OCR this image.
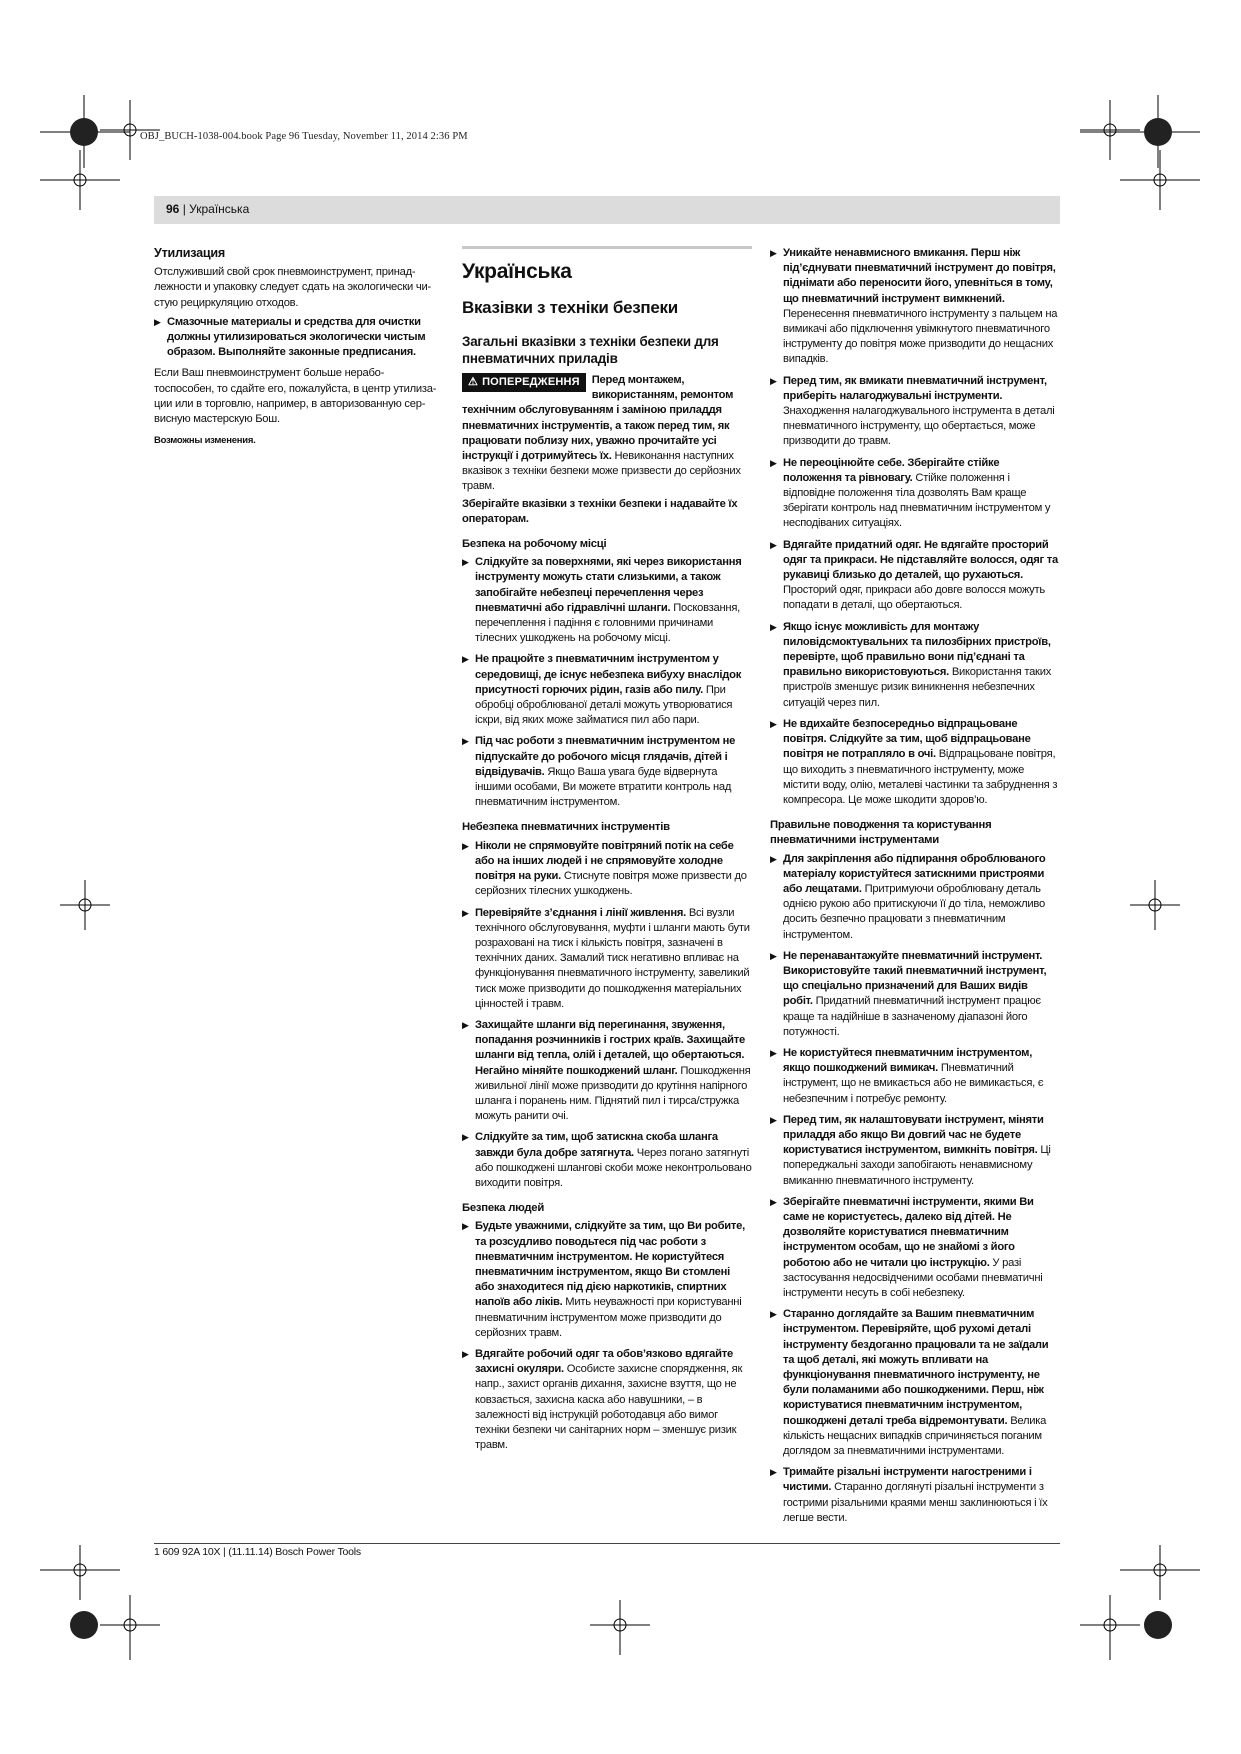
OBJ_BUCH-1038-004.book Page 96 Tuesday, November 11, 2014 2:36 PM
96 | Українська
Утилизация

Отслуживший свой срок пневмоинструмент, принад-лежности и упаковку следует сдать на экологически чи-стую рециркуляцию отходов.

▶ Смазочные материалы и средства для очистки должны утилизироваться экологически чистым образом. Выполняйте законные предписания.

Если Ваш пневмоинструмент больше нерабо-тоспособен, то сдайте его, пожалуйста, в центр утилиза-ции или в торговлю, например, в авторизованную сер-висную мастерскую Бош.

Возможны изменения.
Українська
Вказівки з техніки безпеки
Загальні вказівки з техніки безпеки для пневматичних приладів

⚠ ПОПЕРЕДЖЕННЯ	Перед монтажем, використанням, ремонтом технічним обслуговуванням і заміною приладдя пневматичних інструментів, а також перед тим, як працювати поблизу них, уважно прочитайте усі інструкції і дотримуйтесь їх. Невиконання наступних вказівок з техніки безпеки може призвести до серйозних травм.

Зберігайте вказівки з техніки безпеки і надавайте їх операторам.

Безпека на робочому місці
▶ Слідкуйте за поверхнями, які через використання інструменту можуть стати слизькими, а також запобігайте небезпеці перечеплення через пневматичні або гідравлічні шланги. Посковзання, перечеплення і падіння є головними причинами тілесних ушкоджень на робочому місці.
▶ Не працюйте з пневматичним інструментом у середовищі, де існує небезпека вибуху внаслідок присутності горючих рідин, газів або пилу. При обробці оброблюваної деталі можуть утворюватися іскри, від яких може займатися пил або пари.
▶ Під час роботи з пневматичним інструментом не підпускайте до робочого місця глядачів, дітей і відвідувачів. Якщо Ваша увага буде відвернута іншими особами, Ви можете втратити контроль над пневматичним інструментом.
Небезпека пневматичних інструментів
▶ Ніколи не спрямовуйте повітряний потік на себе або на інших людей і не спрямовуйте холодне повітря на руки. Стиснуте повітря може призвести до серйозних тілесних ушкоджень.
▶ Перевіряйте з’єднання і лінії живлення. Всі вузли технічного обслуговування, муфти і шланги мають бути розраховані на тиск і кількість повітря, зазначені в технічних даних. Замалий тиск негативно впливає на функціонування пневматичного інструменту, завеликий тиск може призводити до пошкодження матеріальних цінностей і травм.
▶ Захищайте шланги від перегинання, звуження, попадання розчинників і гострих країв. Захищайте шланги від тепла, олій і деталей, що обертаються. Негайно міняйте пошкоджений шланг. Пошкодження живильної лінії може призводити до крутіння напірного шланга і поранень ним. Піднятий пил і тирса/стружка можуть ранити очі.
▶ Слідкуйте за тим, щоб затискна скоба шланга завжди була добре затягнута. Через погано затягнуті або пошкоджені шлангові скоби може неконтрольовано виходити повітря.
Безпека людей
▶ Будьте уважними, слідкуйте за тим, що Ви робите, та розсудливо поводьтеся під час роботи з пневматичним інструментом. Не користуйтеся пневматичним інструментом, якщо Ви стомлені або знаходитеся під дією наркотиків, спиртних напоїв або ліків. Мить неуважності при користуванні пневматичним інструментом може призводити до серйозних травм.
▶ Вдягайте робочий одяг та обов’язково вдягайте захисні окуляри. Особисте захисне спорядження, як напр., захист органів дихання, захисне взуття, що не ковзається, захисна каска або навушники, – в залежності від інструкцій роботодавця або вимог техніки безпеки чи санітарних норм – зменшує ризик травм.
▶ Уникайте ненавмисного вмикання. Перш ніж під’єднувати пневматичний інструмент до повітря, піднімати або переносити його, упевніться в тому, що пневматичний інструмент вимкнений. Перенесення пневматичного інструменту з пальцем на вимикачі або підключення увімкнутого пневматичного інструменту до повітря може призводити до нещасних випадків.
▶ Перед тим, як вмикати пневматичний інструмент, приберіть налагоджувальні інструменти. Знаходження налагоджувального інструмента в деталі пневматичного інструменту, що обертається, може призводити до травм.
▶ Не переоцінюйте себе. Зберігайте стійке положення та рівновагу. Стійке положення і відповідне положення тіла дозволять Вам краще зберігати контроль над пневматичним інструментом у несподіваних ситуаціях.
▶ Вдягайте придатний одяг. Не вдягайте просторий одяг та прикраси. Не підставляйте волосся, одяг та рукавиці близько до деталей, що рухаються. Просторий одяг, прикраси або довге волосся можуть попадати в деталі, що обертаються.
▶ Якщо існує можливість для монтажу пиловідсмоктувальних та пилозбірних пристроїв, перевірте, щоб правильно вони під’єднані та правильно використовуються. Використання таких пристроїв зменшує ризик виникнення небезпечних ситуацій через пил.
▶ Не вдихайте безпосередньо відпрацьоване повітря. Слідкуйте за тим, щоб відпрацьоване повітря не потрапляло в очі. Відпрацьоване повітря, що виходить з пневматичного інструменту, може містити воду, олію, металеві частинки та забруднення з компресора. Це може шкодити здоров’ю.
Правильне поводження та користування пневматичними інструментами
▶ Для закріплення або підпирання оброблюваного матеріалу користуйтеся затискними пристроями або лещатами. Притримуючи оброблювану деталь однією рукою або притискуючи її до тіла, неможливо досить безпечно працювати з пневматичним інструментом.
▶ Не перенавантажуйте пневматичний інструмент. Використовуйте такий пневматичний інструмент, що спеціально призначений для Ваших видів робіт. Придатний пневматичний інструмент працює краще та надійніше в зазначеному діапазоні його потужності.
▶ Не користуйтеся пневматичним інструментом, якщо пошкоджений вимикач. Пневматичний інструмент, що не вмикається або не вимикається, є небезпечним і потребує ремонту.
▶ Перед тим, як налаштовувати інструмент, міняти приладдя або якщо Ви довгий час не будете користуватися інструментом, вимкніть повітря. Ці попереджальні заходи запобігають ненавмисному вмиканню пневматичного інструменту.
▶ Зберігайте пневматичні інструменти, якими Ви саме не користуєтесь, далеко від дітей. Не дозволяйте користуватися пневматичним інструментом особам, що не знайомі з його роботою або не читали цю інструкцію. У разі застосування недосвідченими особами пневматичні інструменти несуть в собі небезпеку.
▶ Старанно доглядайте за Вашим пневматичним інструментом. Перевіряйте, щоб рухомі деталі інструменту бездоганно працювали та не заїдали та щоб деталі, які можуть впливати на функціонування пневматичного інструменту, не були поламаними або пошкодженими. Перш, ніж користуватися пневматичним інструментом, пошкоджені деталі треба відремонтувати. Велика кількість нещасних випадків спричиняється поганим доглядом за пневматичними інструментами.
▶ Тримайте різальні інструменти нагостреними і чистими. Старанно доглянуті різальні інструменти з гострими різальними краями менш заклинюються і їх легше вести.
1 609 92A 10X | (11.11.14) Bosch Power Tools
